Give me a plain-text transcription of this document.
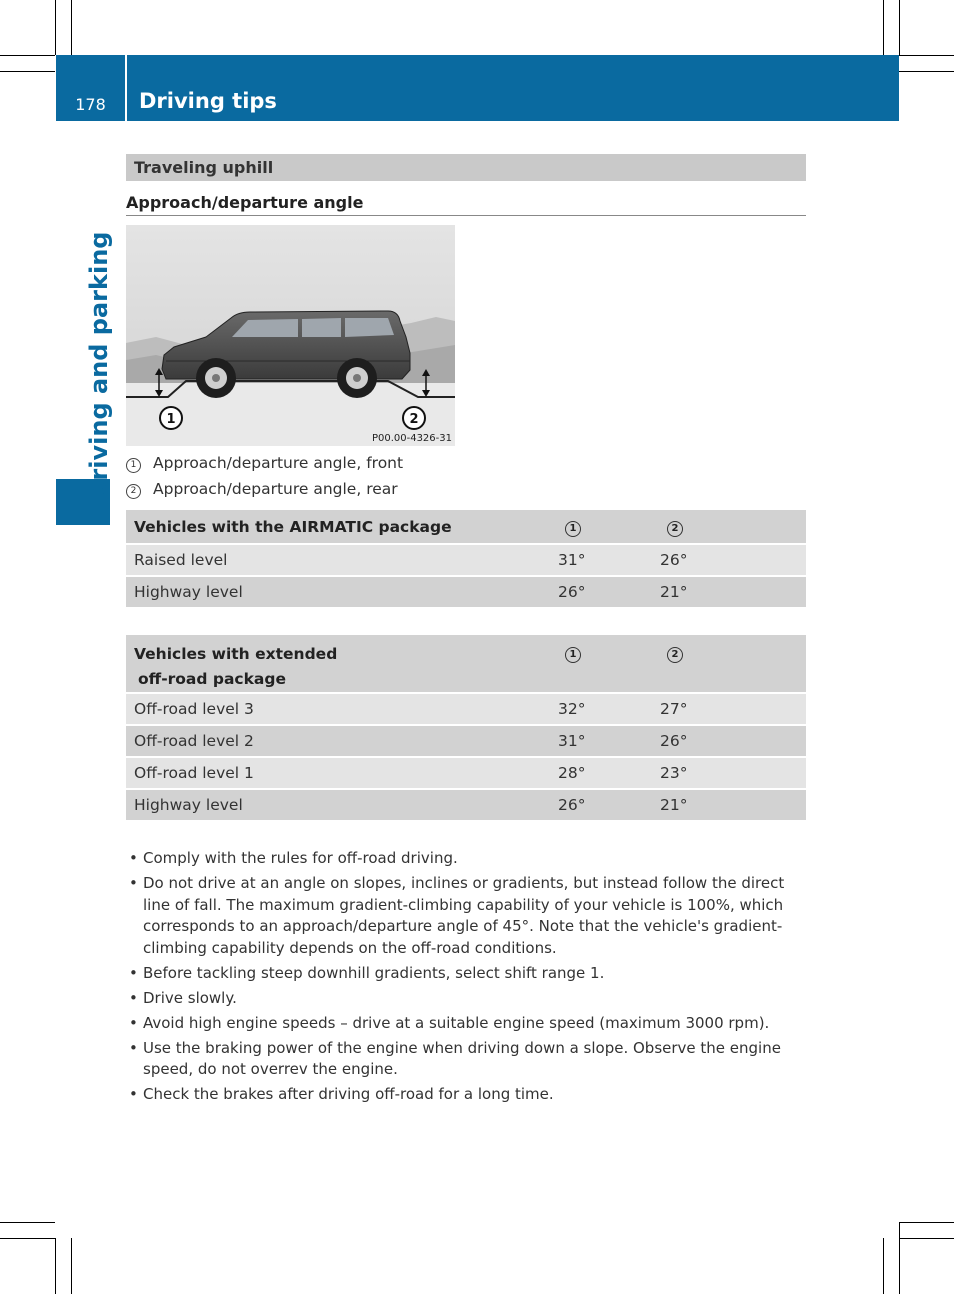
178	Driving tips
Driving and parking
Traveling uphill
Approach/departure angle
1	2
P00.00-4326-31
1 Approach/departure angle, front
2 Approach/departure angle, rear
Vehicles with the AIRMATIC package	1	2
Raised level	31°	26°
Highway level	26°	21°
Vehicles with extended
off-road package	1	2
Off-road level 3	32°	27°
Off-road level 2	31°	26°
Off-road level 1	28°	23°
Highway level	26°	21°
• Comply with the rules for off-road driving.
• Do not drive at an angle on slopes, inclines or gradients, but instead follow the direct line of fall. The maximum gradient-climbing capability of your vehicle is 100%, which corresponds to an approach/departure angle of 45°. Note that the vehicle's gradient-climbing capability depends on the off-road conditions.
• Before tackling steep downhill gradients, select shift range 1.
• Drive slowly.
• Avoid high engine speeds – drive at a suitable engine speed (maximum 3000 rpm).
• Use the braking power of the engine when driving down a slope. Observe the engine speed, do not overrev the engine.
• Check the brakes after driving off-road for a long time.
